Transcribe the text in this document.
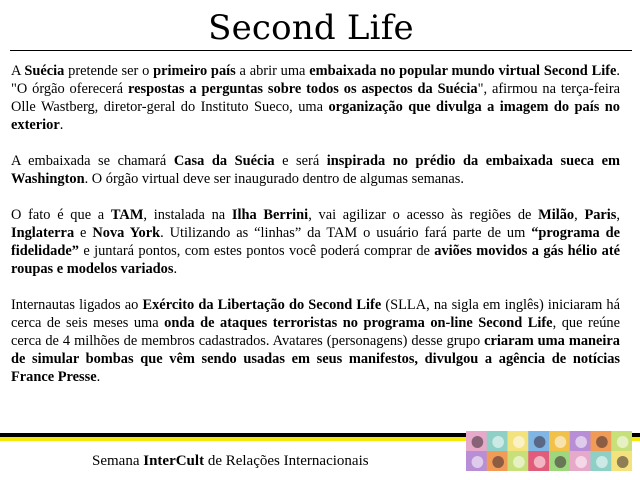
Second Life

A Suécia pretende ser o primeiro país a abrir uma embaixada no popular mundo virtual Second Life. "O órgão oferecerá respostas a perguntas sobre todos os aspectos da Suécia", afirmou na terça-feira Olle Wastberg, diretor-geral do Instituto Sueco, uma organização que divulga a imagem do país no exterior.

A embaixada se chamará Casa da Suécia e será inspirada no prédio da embaixada sueca em Washington. O órgão virtual deve ser inaugurado dentro de algumas semanas.

O fato é que a TAM, instalada na Ilha Berrini, vai agilizar o acesso às regiões de Milão, Paris, Inglaterra e Nova York. Utilizando as “linhas” da TAM o usuário fará parte de um “programa de fidelidade” e juntará pontos, com estes pontos você poderá comprar de aviões movidos a gás hélio até roupas e modelos variados.

Internautas ligados ao Exército da Libertação do Second Life (SLLA, na sigla em inglês) iniciaram há cerca de seis meses uma onda de ataques terroristas no programa on-line Second Life, que reúne cerca de 4 milhões de membros cadastrados. Avatares (personagens) desse grupo criaram uma maneira de simular bombas que vêm sendo usadas em seus manifestos, divulgou a agência de notícias France Presse.

Semana InterCult de Relações Internacionais
